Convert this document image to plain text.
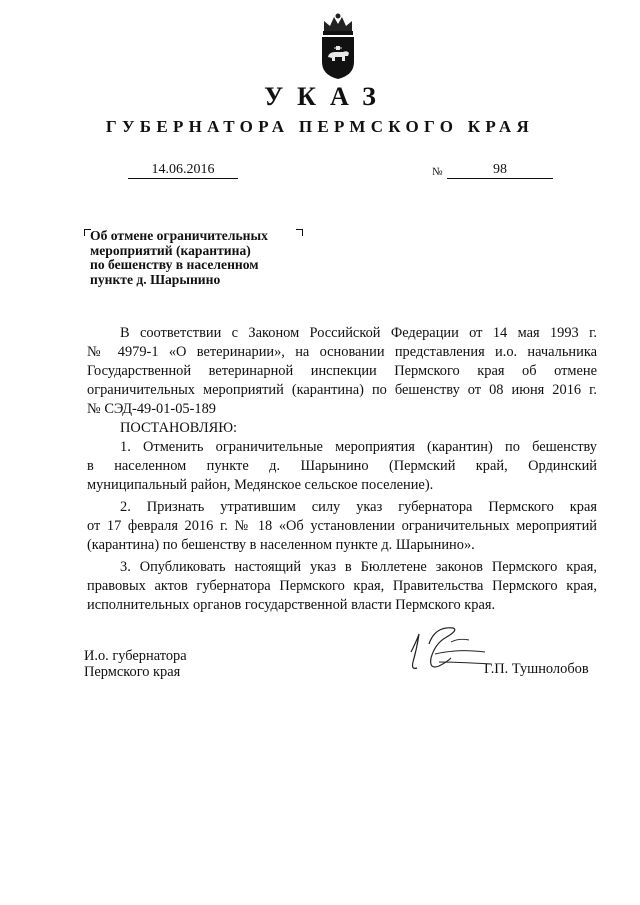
УКАЗ
ГУБЕРНАТОРА ПЕРМСКОГО КРАЯ
14.06.2016	№	98
Об отмене ограничительных
мероприятий (карантина)
по бешенству в населенном
пункте д. Шарынино
В соответствии с Законом Российской Федерации от 14 мая 1993 г.
№ 4979-1 «О ветеринарии», на основании представления и.о. начальника
Государственной ветеринарной инспекции Пермского края об отмене
ограничительных мероприятий (карантина) по бешенству от 08 июня 2016 г.
№ СЭД-49-01-05-189
ПОСТАНОВЛЯЮ:
1. Отменить ограничительные мероприятия (карантин) по бешенству
в населенном пункте д. Шарынино (Пермский край, Ординский
муниципальный район, Медянское сельское поселение).
2. Признать утратившим силу указ губернатора Пермского края
от 17 февраля 2016 г. № 18 «Об установлении ограничительных мероприятий
(карантина) по бешенству в населенном пункте д. Шарынино».
3. Опубликовать настоящий указ в Бюллетене законов Пермского края,
правовых актов губернатора Пермского края, Правительства Пермского края,
исполнительных органов государственной власти Пермского края.
И.о. губернатора
Пермского края	Г.П. Тушнолобов
